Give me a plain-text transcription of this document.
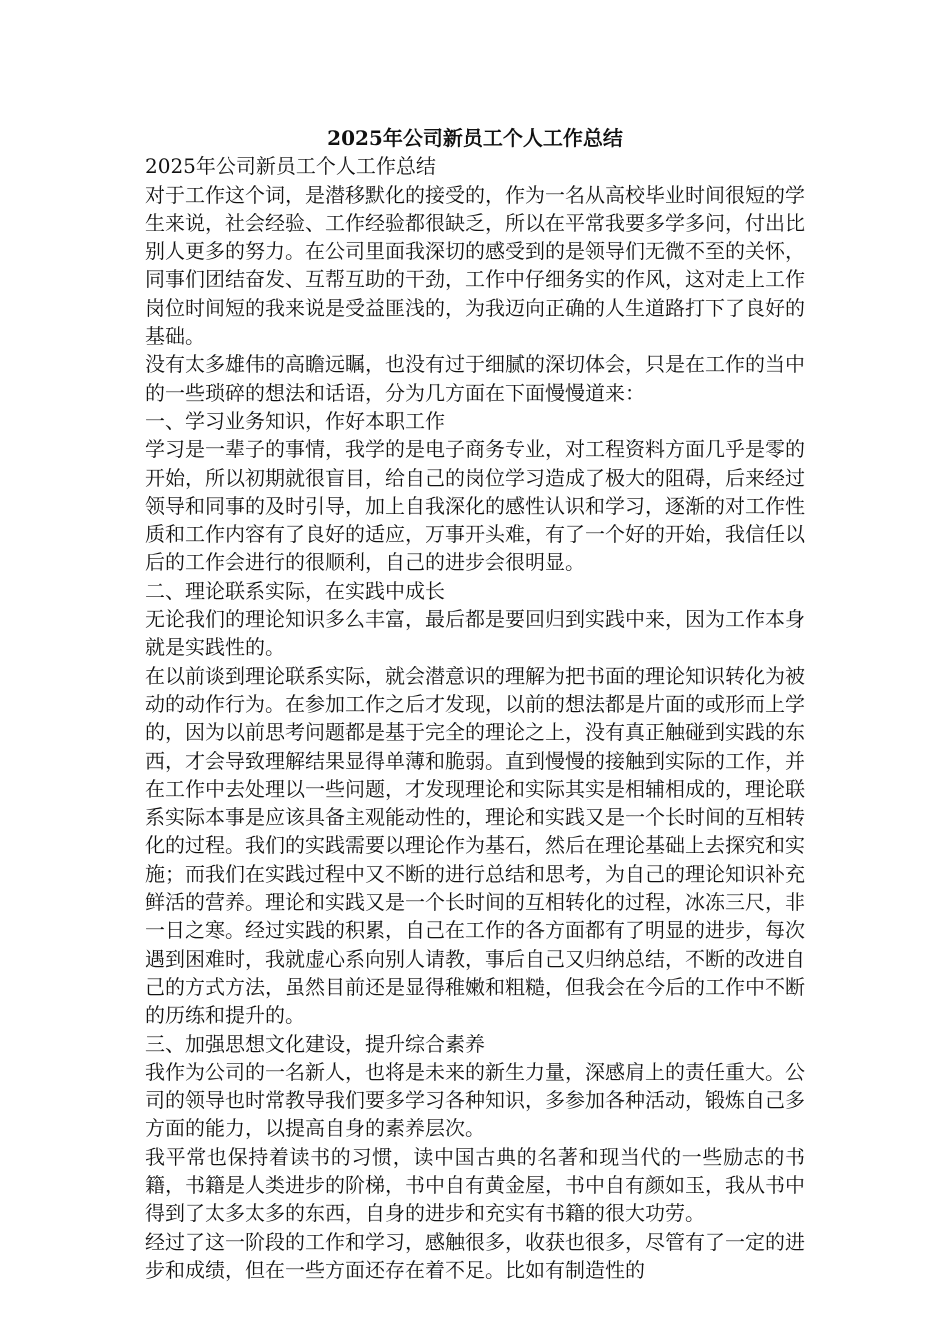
2025年公司新员工个人工作总结

2025年公司新员工个人工作总结

对于工作这个词，是潜移默化的接受的，作为一名从高校毕业时间很短的学生来说，社会经验、工作经验都很缺乏，所以在平常我要多学多问，付出比别人更多的努力。在公司里面我深切的感受到的是领导们无微不至的关怀，同事们团结奋发、互帮互助的干劲，工作中仔细务实的作风，这对走上工作岗位时间短的我来说是受益匪浅的，为我迈向正确的人生道路打下了良好的基础。

没有太多雄伟的高瞻远瞩，也没有过于细腻的深切体会，只是在工作的当中的一些琐碎的想法和话语，分为几方面在下面慢慢道来：

一、学习业务知识，作好本职工作

学习是一辈子的事情，我学的是电子商务专业，对工程资料方面几乎是零的开始，所以初期就很盲目，给自己的岗位学习造成了极大的阻碍，后来经过领导和同事的及时引导，加上自我深化的感性认识和学习，逐渐的对工作性质和工作内容有了良好的适应，万事开头难，有了一个好的开始，我信任以后的工作会进行的很顺利，自己的进步会很明显。

二、理论联系实际，在实践中成长

无论我们的理论知识多么丰富，最后都是要回归到实践中来，因为工作本身就是实践性的。

在以前谈到理论联系实际，就会潜意识的理解为把书面的理论知识转化为被动的动作行为。在参加工作之后才发现，以前的想法都是片面的或形而上学的，因为以前思考问题都是基于完全的理论之上，没有真正触碰到实践的东西，才会导致理解结果显得单薄和脆弱。直到慢慢的接触到实际的工作，并在工作中去处理以一些问题，才发现理论和实际其实是相辅相成的，理论联系实际本事是应该具备主观能动性的，理论和实践又是一个长时间的互相转化的过程。我们的实践需要以理论作为基石，然后在理论基础上去探究和实施；而我们在实践过程中又不断的进行总结和思考，为自己的理论知识补充鲜活的营养。理论和实践又是一个长时间的互相转化的过程，冰冻三尺，非一日之寒。经过实践的积累，自己在工作的各方面都有了明显的进步，每次遇到困难时，我就虚心系向别人请教，事后自己又归纳总结，不断的改进自己的方式方法，虽然目前还是显得稚嫩和粗糙，但我会在今后的工作中不断的历练和提升的。

三、加强思想文化建设，提升综合素养

我作为公司的一名新人，也将是未来的新生力量，深感肩上的责任重大。公司的领导也时常教导我们要多学习各种知识，多参加各种活动，锻炼自己多方面的能力，以提高自身的素养层次。

我平常也保持着读书的习惯，读中国古典的名著和现当代的一些励志的书籍，书籍是人类进步的阶梯，书中自有黄金屋，书中自有颜如玉，我从书中得到了太多太多的东西，自身的进步和充实有书籍的很大功劳。

经过了这一阶段的工作和学习，感触很多，收获也很多，尽管有了一定的进步和成绩，但在一些方面还存在着不足。比如有制造性的
